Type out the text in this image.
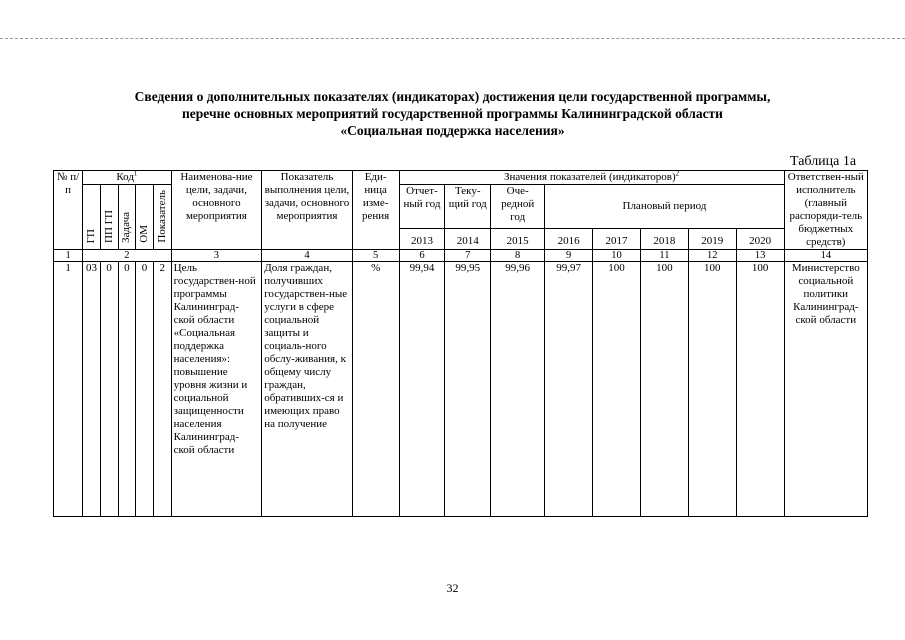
Сведения о дополнительных показателях (индикаторах) достижения цели государственной программы,
перечне основных мероприятий государственной программы Калининградской области
«Социальная поддержка населения»
Таблица 1а
№ п/п	Код$^1$					Наименова-ние цели, задачи, основного мероприятия	Показатель выполнения цели, задачи, основного мероприятия	Еди-ница изме-рения	Значения показателей (индикаторов)$^2$								Ответствен-ный исполнитель (главный распоряди-тель бюджетных средств)
	ГП	ПП ГП	Задача	ОМ	Показатель				Отчет-ный год	Теку-щий год	Оче-редной год	Плановый период					

									2013	2014	2015	2016	2017	2018	2019	2020	

1	2					3	4	5	6	7	8	9	10	11	12	13	14
1	03	0	0	0	2	Цель государствен-ной программы Калининград-ской области «Социальная поддержка населения»: повышение уровня жизни и социальной защищенности населения Калининград-ской области	Доля граждан, получивших государствен-ные услуги в сфере социальной защиты и социаль-ного обслу-живания, к общему числу граждан, обративших-ся и имеющих право на получение	%	99,94	99,95	99,96	99,97	100	100	100	100	Министерство социальной политики Калининград-ской области
32
